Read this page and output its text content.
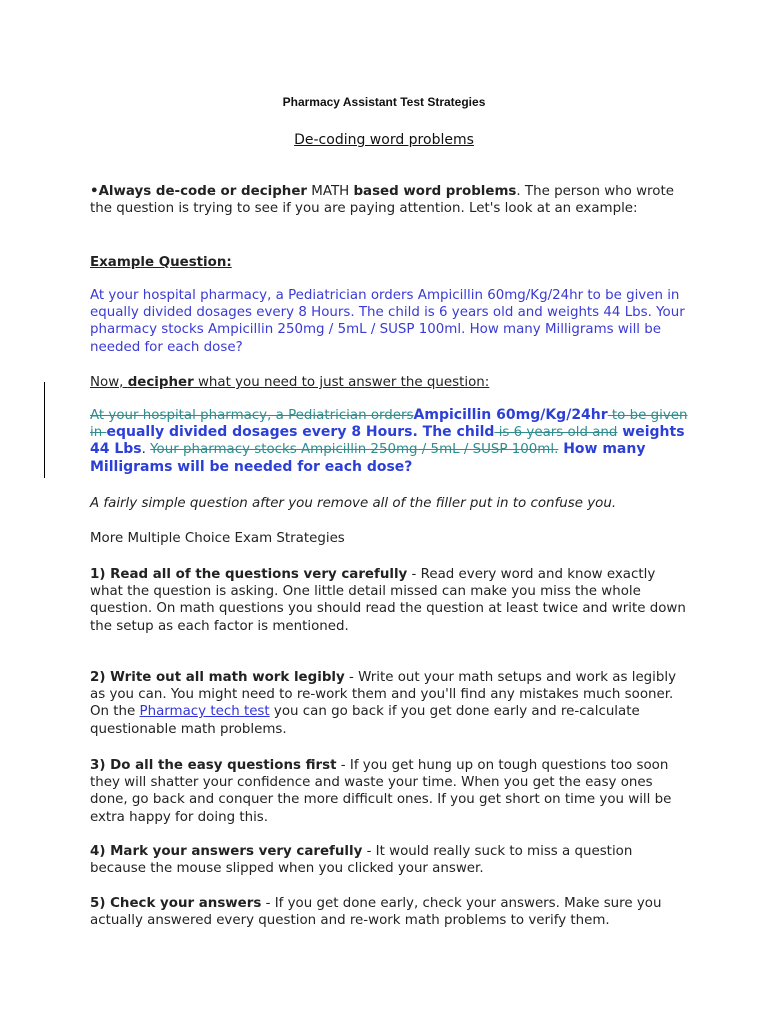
Pharmacy Assistant Test Strategies

De-coding word problems

•Always de-code or decipher MATH based word problems. The person who wrote the question is trying to see if you are paying attention. Let's look at an example:

Example Question:

At your hospital pharmacy, a Pediatrician orders Ampicillin 60mg/Kg/24hr to be given in equally divided dosages every 8 Hours. The child is 6 years old and weights 44 Lbs. Your pharmacy stocks Ampicillin 250mg / 5mL / SUSP 100ml. How many Milligrams will be needed for each dose?

Now, decipher what you need to just answer the question:

At your hospital pharmacy, a Pediatrician ordersAmpicillin 60mg/Kg/24hr to be given in equally divided dosages every 8 Hours. The child is 6 years old and weights 44 Lbs. Your pharmacy stocks Ampicillin 250mg / 5mL / SUSP 100ml. How many Milligrams will be needed for each dose?

A fairly simple question after you remove all of the filler put in to confuse you.

More Multiple Choice Exam Strategies

1) Read all of the questions very carefully - Read every word and know exactly what the question is asking. One little detail missed can make you miss the whole question. On math questions you should read the question at least twice and write down the setup as each factor is mentioned.

2) Write out all math work legibly - Write out your math setups and work as legibly as you can. You might need to re-work them and you'll find any mistakes much sooner. On the Pharmacy tech test you can go back if you get done early and re-calculate questionable math problems.

3) Do all the easy questions first - If you get hung up on tough questions too soon they will shatter your confidence and waste your time. When you get the easy ones done, go back and conquer the more difficult ones. If you get short on time you will be extra happy for doing this.

4) Mark your answers very carefully - It would really suck to miss a question because the mouse slipped when you clicked your answer.

5) Check your answers - If you get done early, check your answers. Make sure you actually answered every question and re-work math problems to verify them.
